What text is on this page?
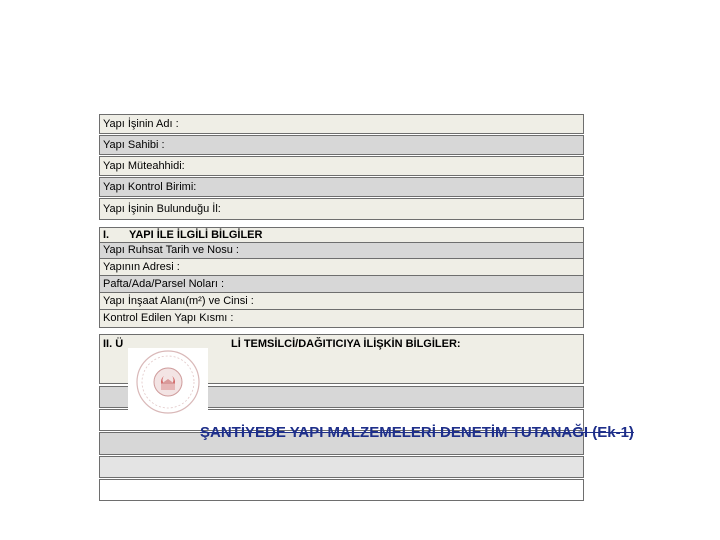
Yapı İşinin Adı :
Yapı Sahibi :
Yapı Müteahhidi:
Yapı Kontrol Birimi:
Yapı İşinin Bulunduğu İl:
I.	YAPI İLE İLGİLİ BİLGİLER
Yapı Ruhsat Tarih ve Nosu :
Yapının Adresi :
Pafta/Ada/Parsel Noları :
Yapı İnşaat Alanı(m²) ve Cinsi :
Kontrol Edilen Yapı Kısmı :
II. Ü	Lİ TEMSİLCİ/DAĞITICIYA İLİŞKİN BİLGİLER:
ŞANTİYEDE YAPI MALZEMELERİ DENETİM TUTANAĞI (Ek-1)
